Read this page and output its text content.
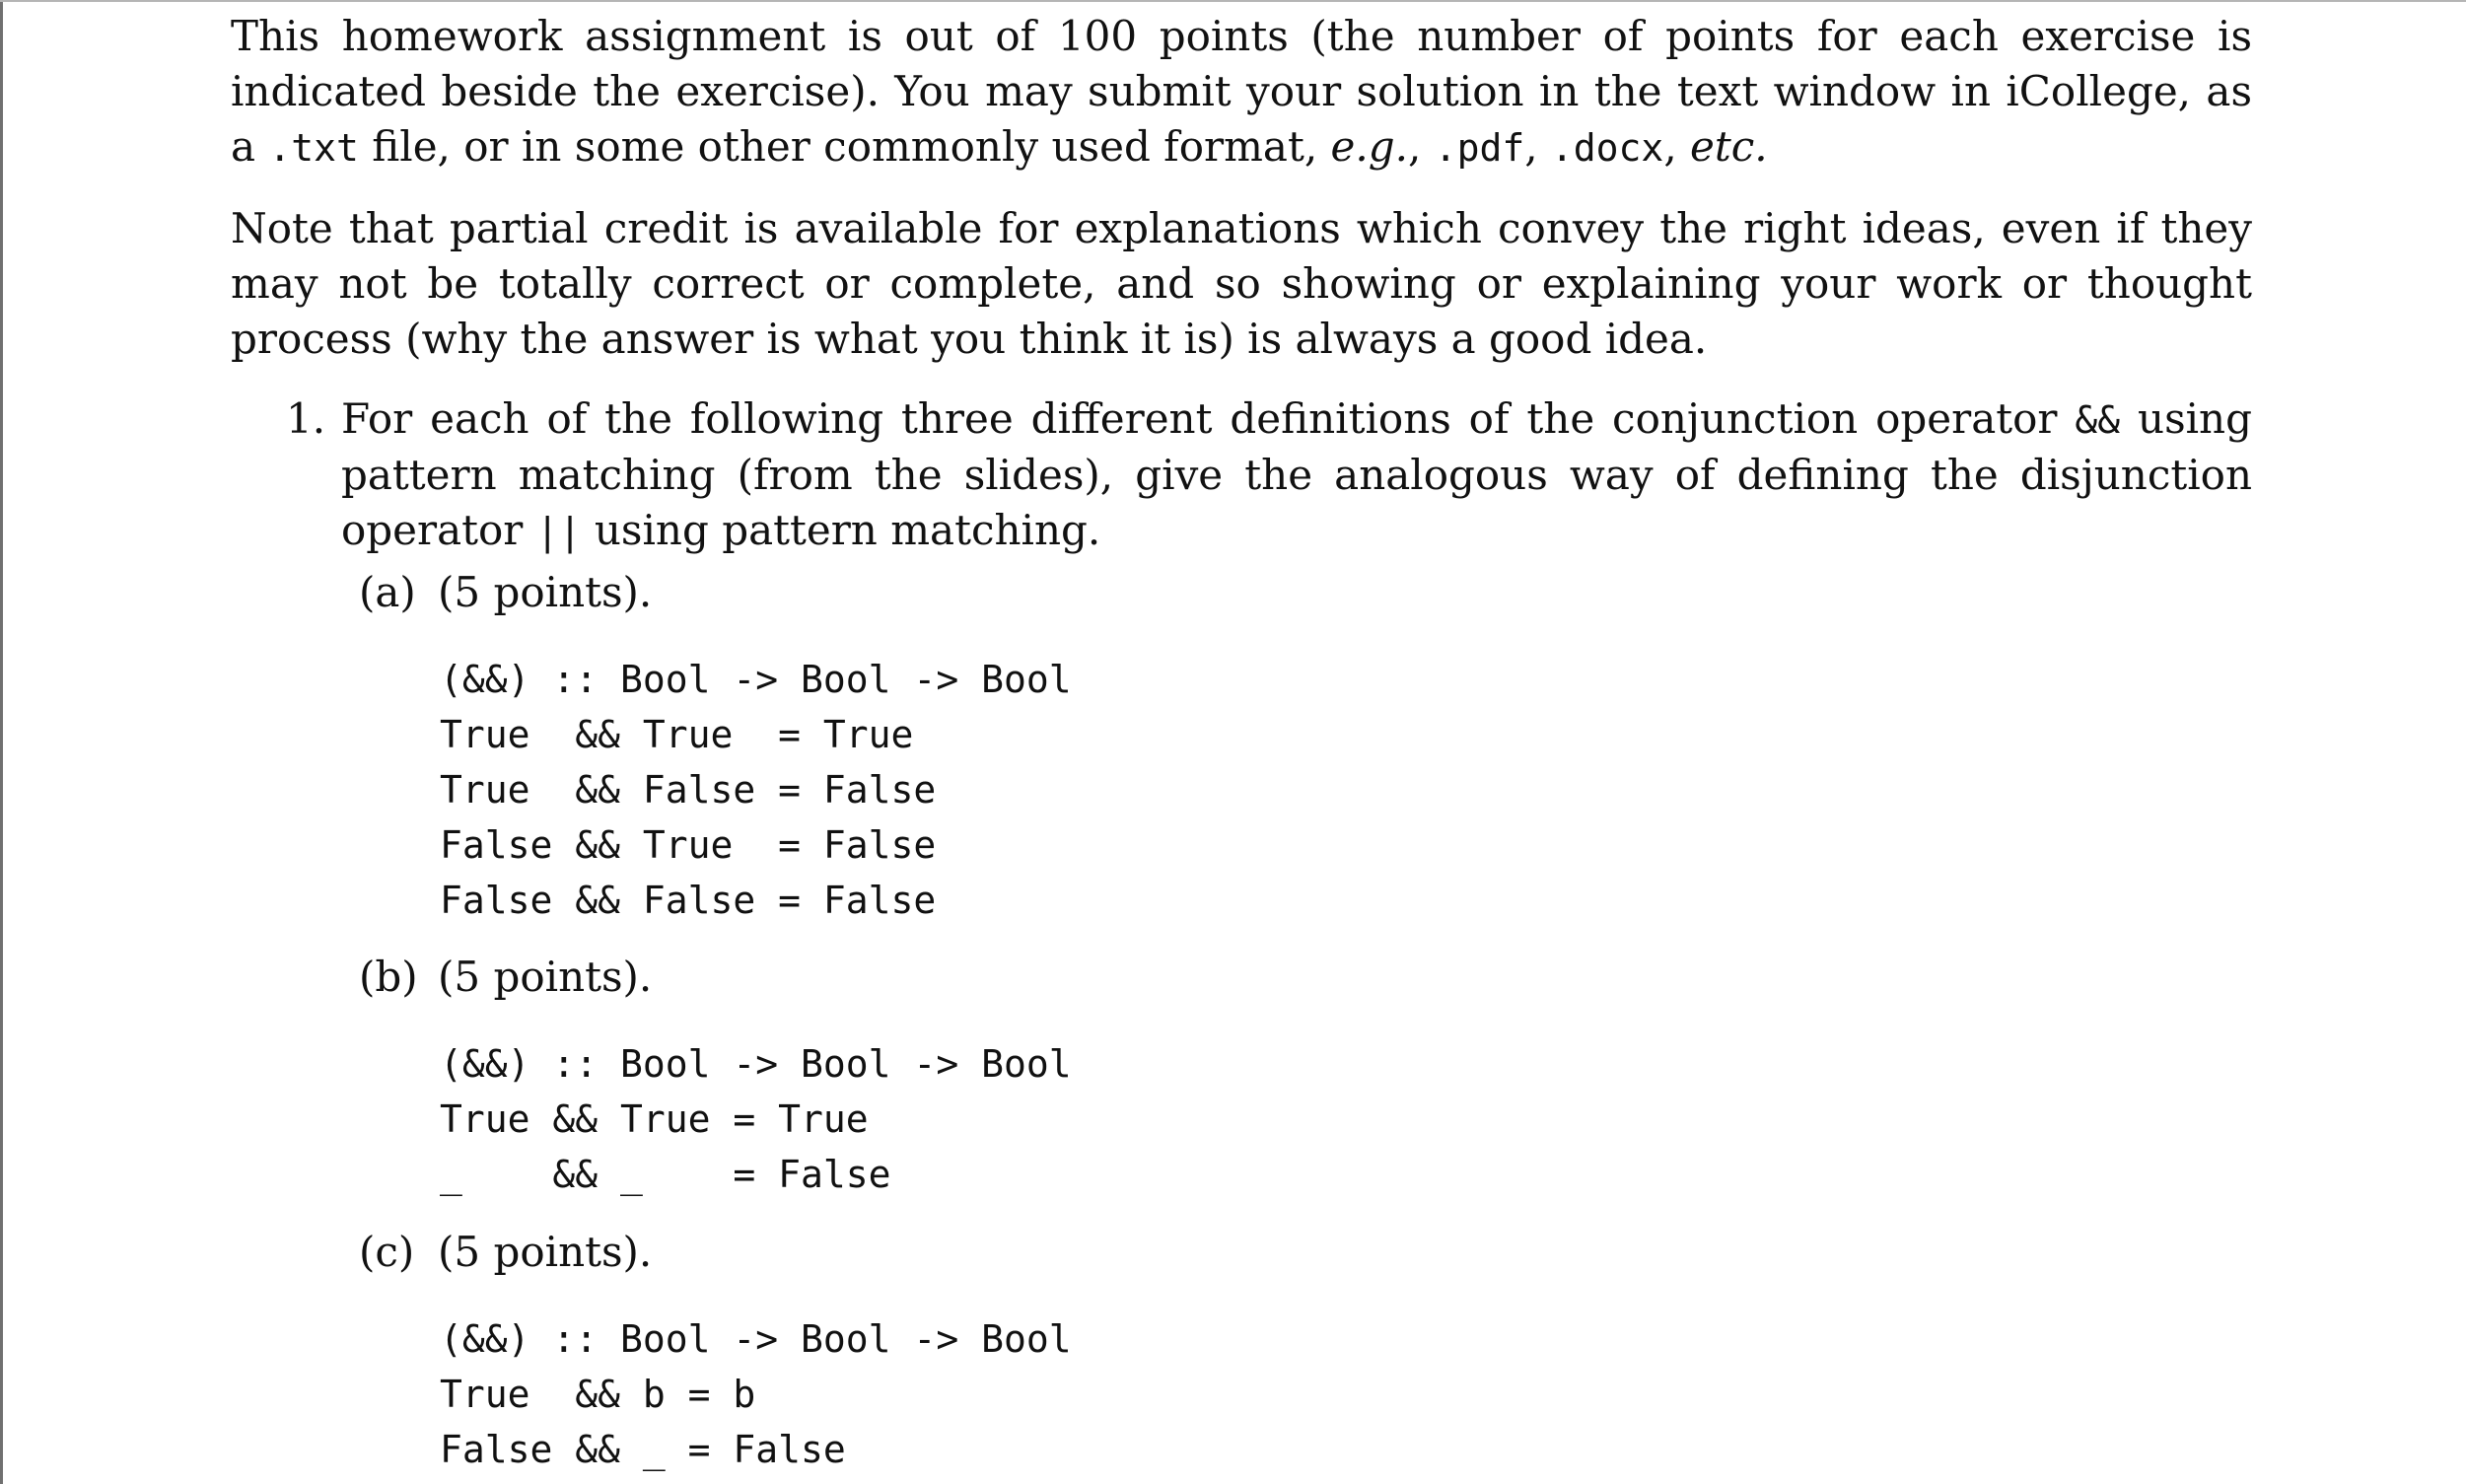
This homework assignment is out of 100 points (the number of points for each exercise is indicated beside the exercise). You may submit your solution in the text window in iCollege, as a .txt file, or in some other commonly used format, e.g., .pdf, .docx, etc.

Note that partial credit is available for explanations which convey the right ideas, even if they may not be totally correct or complete, and so showing or explaining your work or thought process (why the answer is what you think it is) is always a good idea.

1. For each of the following three different definitions of the conjunction operator && using pattern matching (from the slides), give the analogous way of defining the disjunction operator || using pattern matching.
(a) (5 points).
(&&) :: Bool -> Bool -> Bool
True  && True  = True
True  && False = False
False && True  = False
False && False = False
(b) (5 points).
(&&) :: Bool -> Bool -> Bool
True && True = True
_    && _    = False
(c) (5 points).
(&&) :: Bool -> Bool -> Bool
True  && b = b
False && _ = False
